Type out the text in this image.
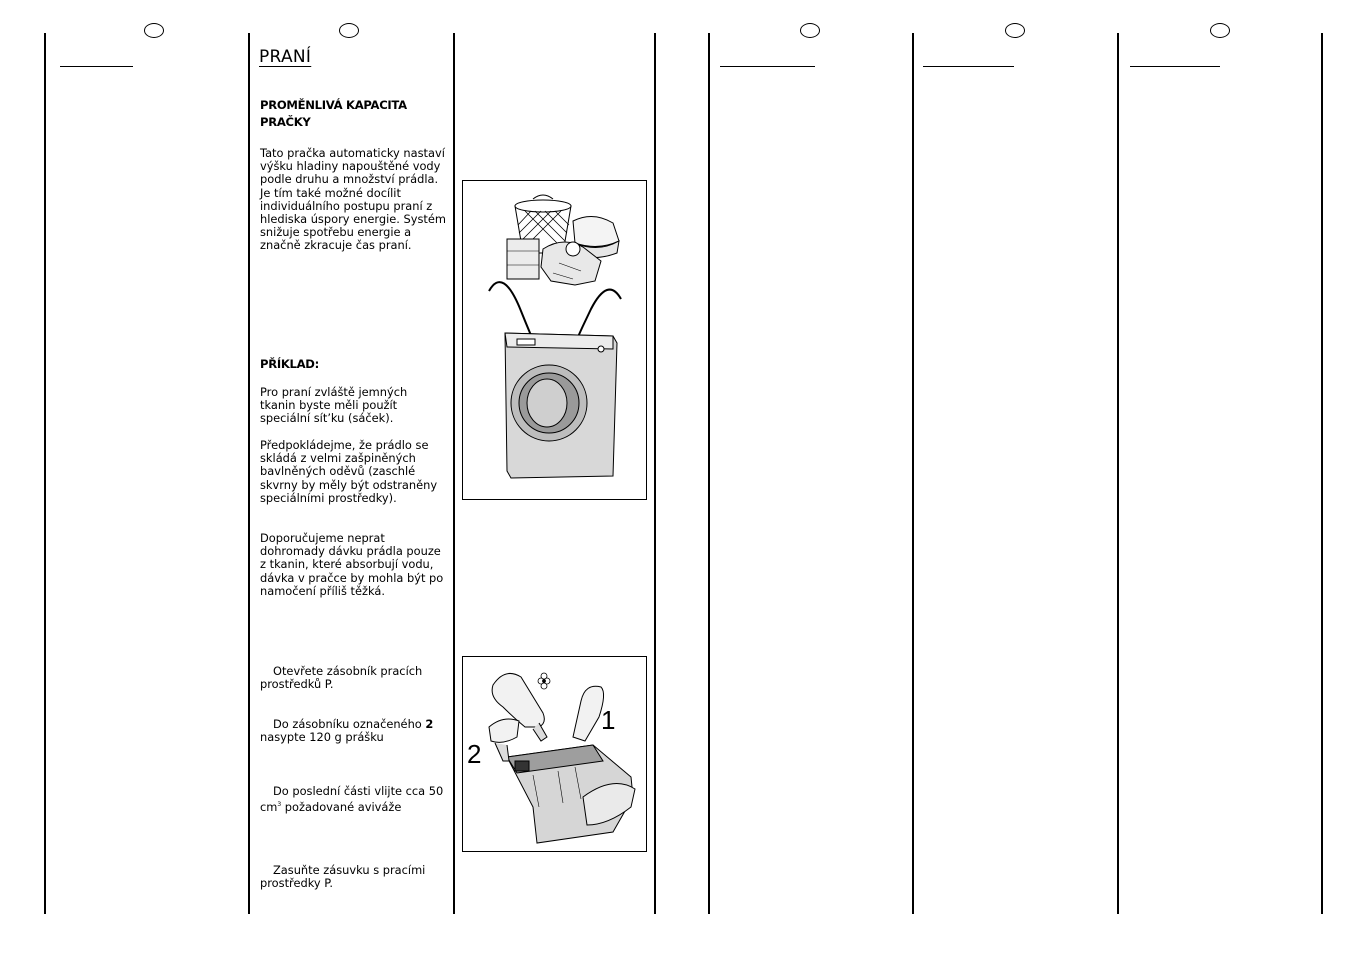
PRANÍ
PROMĚNLIVÁ KAPACITA PRAČKY

Tato pračka automaticky nastaví výšku hladiny napouštěné vody podle druhu a množství prádla. Je tím také možné docílit individuálního postupu praní z hlediska úspory energie. Systém snižuje spotřebu energie a značně zkracuje čas praní.

PŘÍKLAD:

Pro praní zvláště jemných tkanin byste měli použít speciální sít’ku (sáček).

Předpokládejme, že prádlo se skládá z velmi zašpiněných bavlněných oděvů (zaschlé skvrny by měly být odstraněny speciálními prostředky).

Doporučujeme neprat dohromady dávku prádla pouze z tkanin, které absorbují vodu, dávka v pračce by mohla být po namočení příliš těžká.

Otevřete zásobník pracích prostředků P.

Do zásobníku označeného 2 nasypte 120 g prášku

Do poslední části vlijte cca 50 $cm^3$ požadované aviváže

Zasuňte zásuvku s pracími prostředky P.

1
2
